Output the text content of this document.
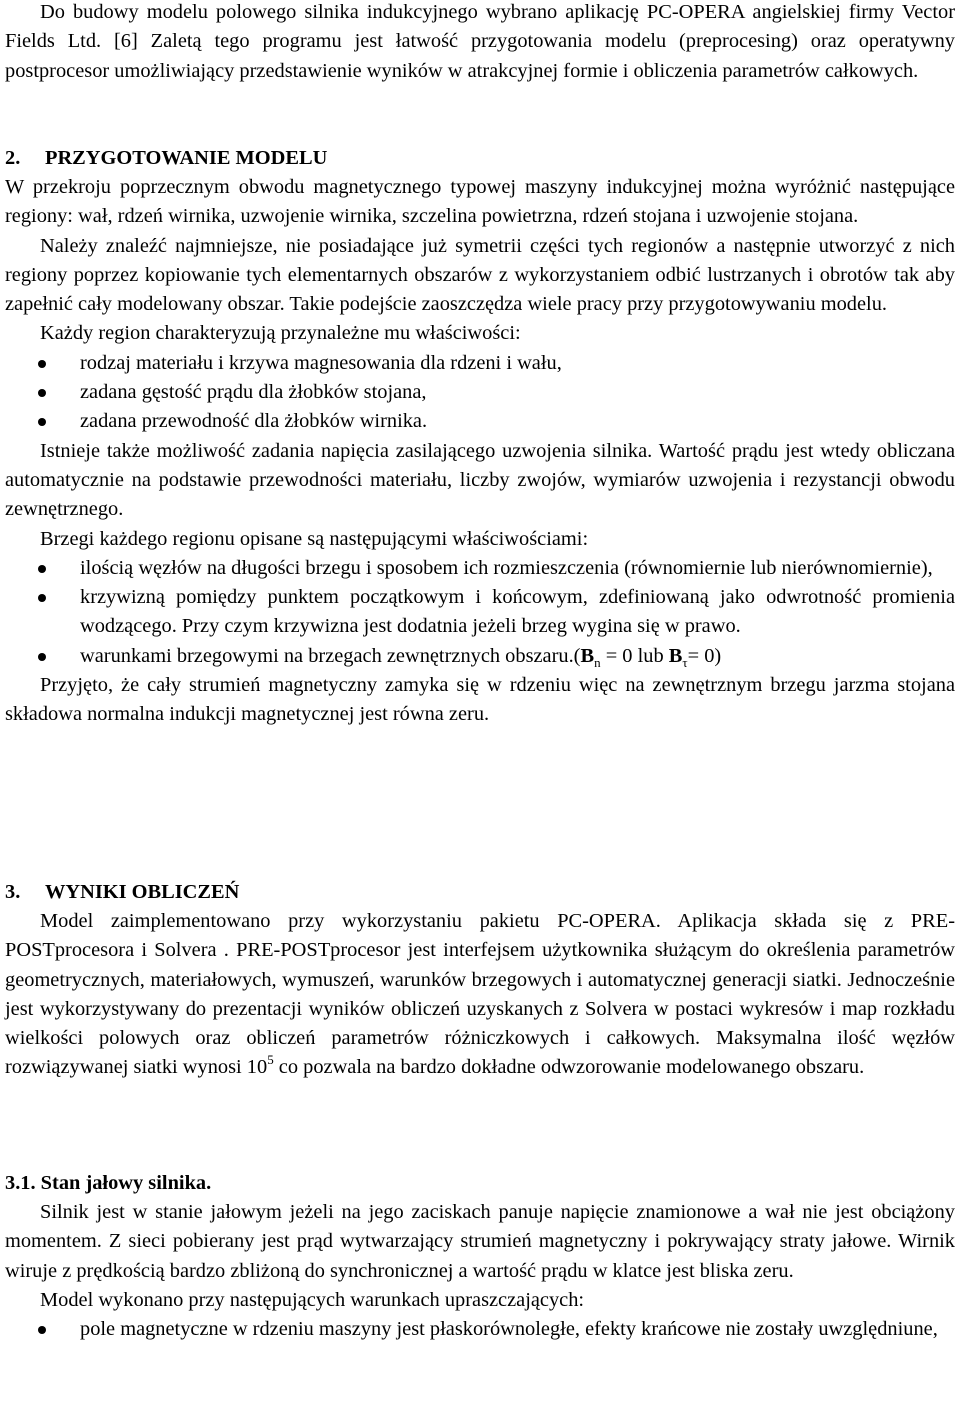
Do budowy modelu polowego silnika indukcyjnego wybrano aplikację PC-OPERA angielskiej firmy Vector Fields Ltd. [6] Zaletą tego programu jest łatwość przygotowania modelu (preprocesing) oraz operatywny postprocesor umożliwiający przedstawienie wyników w atrakcyjnej formie i obliczenia parametrów całkowych.

2. PRZYGOTOWANIE MODELU

W przekroju poprzecznym obwodu magnetycznego typowej maszyny indukcyjnej można wyróżnić następujące regiony: wał, rdzeń wirnika, uzwojenie wirnika, szczelina powietrzna, rdzeń stojana i uzwojenie stojana.

Należy znaleźć najmniejsze, nie posiadające już symetrii części tych regionów a następnie utworzyć z nich regiony poprzez kopiowanie tych elementarnych obszarów z wykorzystaniem odbić lustrzanych i obrotów tak aby zapełnić cały modelowany obszar. Takie podejście zaoszczędza wiele pracy przy przygotowywaniu modelu.

Każdy region charakteryzują przynależne mu właściwości:

rodzaj materiału i krzywa magnesowania dla rdzeni i wału,
zadana gęstość prądu dla żłobków stojana,
zadana przewodność dla żłobków wirnika.

Istnieje także możliwość zadania napięcia zasilającego uzwojenia silnika. Wartość prądu jest wtedy obliczana automatycznie na podstawie przewodności materiału, liczby zwojów, wymiarów uzwojenia i rezystancji obwodu zewnętrznego.

Brzegi każdego regionu opisane są następującymi właściwościami:

ilością węzłów na długości brzegu i sposobem ich rozmieszczenia (równomiernie lub nierównomiernie),
krzywizną pomiędzy punktem początkowym i końcowym, zdefiniowaną jako odwrotność promienia wodzącego. Przy czym krzywizna jest dodatnia jeżeli brzeg wygina się w prawo.
warunkami brzegowymi na brzegach zewnętrznych $obszaru.(B_n = 0$ lub $B_\tau= 0$)

Przyjęto, że cały strumień magnetyczny zamyka się w rdzeniu więc na zewnętrznym brzegu jarzma stojana składowa normalna indukcji magnetycznej jest równa zeru.

3. WYNIKI OBLICZEŃ

Model zaimplementowano przy wykorzystaniu pakietu PC-OPERA. Aplikacja składa się z PRE-POSTprocesora i Solvera . PRE-POSTprocesor jest interfejsem użytkownika służącym do określenia parametrów geometrycznych, materiałowych, wymuszeń, warunków brzegowych i automatycznej generacji siatki. Jednocześnie jest wykorzystywany do prezentacji wyników obliczeń uzyskanych z Solvera w postaci wykresów i map rozkładu wielkości polowych oraz obliczeń parametrów różniczkowych i całkowych. Maksymalna ilość węzłów rozwiązywanej siatki wynosi $10^5$ co pozwala na bardzo dokładne odwzorowanie modelowanego obszaru.

3.1. Stan jałowy silnika.

Silnik jest w stanie jałowym jeżeli na jego zaciskach panuje napięcie znamionowe a wał nie jest obciążony momentem. Z sieci pobierany jest prąd wytwarzający strumień magnetyczny i pokrywający straty jałowe. Wirnik wiruje z prędkością bardzo zbliżoną do synchronicznej a wartość prądu w klatce jest bliska zeru.

Model wykonano przy następujących warunkach upraszczających:

pole magnetyczne w rdzeniu maszyny jest płaskorównoległe, efekty krańcowe nie zostały uwzględniune,
